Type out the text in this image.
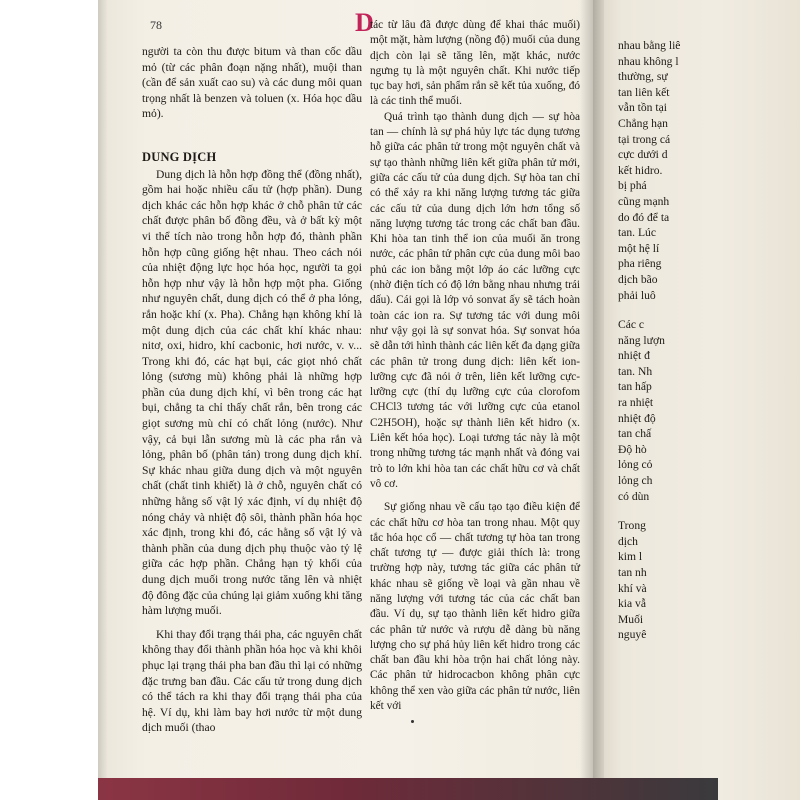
78	D

người ta còn thu được bitum và than cốc dầu mỏ (từ các phân đoạn nặng nhất), muội than (cần để sản xuất cao su) và các dung môi quan trọng nhất là benzen và toluen (x. Hóa học dầu mỏ).

DUNG DỊCH

Dung dịch là hỗn hợp đồng thể (đồng nhất), gồm hai hoặc nhiều cấu tử (hợp phần). Dung dịch khác các hỗn hợp khác ở chỗ phân tử các chất được phân bố đồng đều, và ở bất kỳ một vi thể tích nào trong hỗn hợp đó, thành phần hỗn hợp cũng giống hệt nhau. Theo cách nói của nhiệt động lực học hóa học, người ta gọi hỗn hợp như vậy là hỗn hợp một pha. Giống như nguyên chất, dung dịch có thể ở pha lỏng, rắn hoặc khí (x. Pha). Chẳng hạn không khí là một dung dịch của các chất khí khác nhau: nitơ, oxi, hidro, khí cacbonic, hơi nước, v. v... Trong khi đó, các hạt bụi, các giọt nhỏ chất lỏng (sương mù) không phải là những hợp phần của dung dịch khí, vì bên trong các hạt bụi, chẳng ta chỉ thấy chất rắn, bên trong các giọt sương mù chỉ có chất lỏng (nước). Như vậy, cả bụi lẫn sương mù là các pha rắn và lỏng, phân bố (phân tán) trong dung dịch khí. Sự khác nhau giữa dung dịch và một nguyên chất (chất tinh khiết) là ở chỗ, nguyên chất có những hằng số vật lý xác định, ví dụ nhiệt độ nóng chảy và nhiệt độ sôi, thành phần hóa học xác định, trong khi đó, các hằng số vật lý và thành phần của dung dịch phụ thuộc vào tỷ lệ giữa các hợp phần. Chẳng hạn tỷ khối của dung dịch muối trong nước tăng lên và nhiệt độ đông đặc của chúng lại giảm xuống khi tăng hàm lượng muối.

Khi thay đổi trạng thái pha, các nguyên chất không thay đổi thành phần hóa học và khi khôi phục lại trạng thái pha ban đầu thì lại có những đặc trưng ban đầu. Các cấu tử trong dung dịch có thể tách ra khi thay đổi trạng thái pha của hệ. Ví dụ, khi làm bay hơi nước từ một dung dịch muối (thao

tác từ lâu đã được dùng để khai thác muối) một mặt, hàm lượng (nồng độ) muối của dung dịch còn lại sẽ tăng lên, mặt khác, nước ngưng tụ là một nguyên chất. Khi nước tiếp tục bay hơi, sản phẩm rắn sẽ kết tủa xuống, đó là các tinh thể muối.

Quá trình tạo thành dung dịch — sự hòa tan — chính là sự phá hủy lực tác dụng tương hỗ giữa các phân tử trong một nguyên chất và sự tạo thành những liên kết giữa phân tử mới, giữa các cấu tử của dung dịch. Sự hòa tan chỉ có thể xảy ra khi năng lượng tương tác giữa các cấu tử của dung dịch lớn hơn tổng số năng lượng tương tác trong các chất ban đầu. Khi hòa tan tinh thể ion của muối ăn trong nước, các phân tử phân cực của dung môi bao phủ các ion bằng một lớp áo các lưỡng cực (nhờ điện tích có độ lớn bằng nhau nhưng trái dấu). Cái gọi là lớp vỏ sonvat ấy sẽ tách hoàn toàn các ion ra. Sự tương tác với dung môi như vậy gọi là sự sonvat hóa. Sự sonvat hóa sẽ dẫn tới hình thành các liên kết đa dạng giữa các phân tử trong dung dịch: liên kết ion-lưỡng cực đã nói ở trên, liên kết lưỡng cực-lưỡng cực (thí dụ lưỡng cực của clorofom CHCl3 tương tác với lưỡng cực của etanol C2H5OH), hoặc sự thành liên kết hidro (x. Liên kết hóa học). Loại tương tác này là một trong những tương tác mạnh nhất và đóng vai trò to lớn khi hòa tan các chất hữu cơ và chất vô cơ.

Sự giống nhau về cấu tạo tạo điều kiện để các chất hữu cơ hòa tan trong nhau. Một quy tắc hóa học cổ — chất tương tự hòa tan trong chất tương tự — được giải thích là: trong trường hợp này, tương tác giữa các phân tử khác nhau sẽ giống về loại và gần nhau về năng lượng với tương tác của các chất ban đầu. Ví dụ, sự tạo thành liên kết hidro giữa các phân tử nước và rượu dễ dàng bù năng lượng cho sự phá hủy liên kết hidro trong các chất ban đầu khi hòa trộn hai chất lỏng này. Các phân tử hidrocacbon không phân cực không thể xen vào giữa các phân tử nước, liên kết với

nhau bằng liê
nhau không l
thường, sự
tan liên kết
vẫn tồn tại
Chẳng hạn
tại trong cá
cực dưới d
kết hidro.
bị phá
cũng mạnh
do đó để ta
tan. Lúc
một hệ lí
pha riêng
dịch bão
phải luô
Các c
năng lượn
nhiệt đ
tan. Nh
tan hấp
ra nhiệt
nhiệt độ
tan chấ
Độ hò
lỏng cỏ
lỏng ch
có dùn
Trong
dịch
kim l
tan nh
khí và
kia vẫ
Muối
nguyê
